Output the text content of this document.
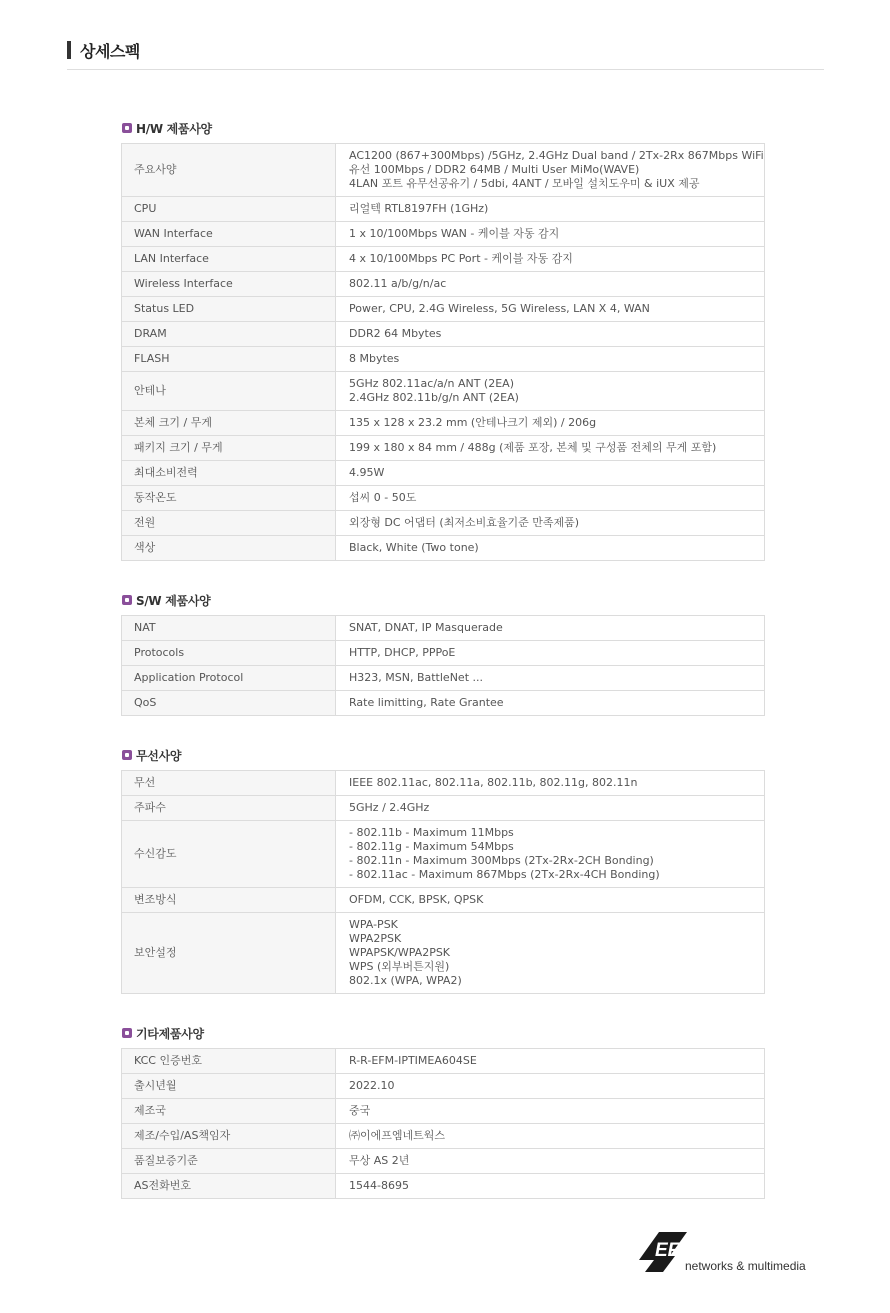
상세스펙
H/W 제품사양
주요사양	AC1200 (867+300Mbps) /5GHz, 2.4GHz Dual band / 2Tx-2Rx 867Mbps WiFi
유선 100Mbps / DDR2 64MB / Multi User MiMo(WAVE)
4LAN 포트 유무선공유기 / 5dbi, 4ANT / 모바일 설치도우미 & iUX 제공

CPU	리얼텍 RTL8197FH (1GHz)

WAN Interface	1 x 10/100Mbps WAN - 케이블 자동 감지

LAN Interface	4 x 10/100Mbps PC Port - 케이블 자동 감지

Wireless Interface	802.11 a/b/g/n/ac

Status LED	Power, CPU, 2.4G Wireless, 5G Wireless, LAN X 4, WAN

DRAM	DDR2 64 Mbytes

FLASH	8 Mbytes

안테나	5GHz 802.11ac/a/n ANT (2EA)
2.4GHz 802.11b/g/n ANT (2EA)

본체 크기 / 무게	135 x 128 x 23.2 mm (안테나크기 제외) / 206g

패키지 크기 / 무게	199 x 180 x 84 mm / 488g (제품 포장, 본체 및 구성품 전체의 무게 포함)

최대소비전력	4.95W

동작온도	섭씨 0 - 50도

전원	외장형 DC 어댑터 (최저소비효율기준 만족제품)

색상	Black, White (Two tone)
S/W 제품사양
NAT	SNAT, DNAT, IP Masquerade

Protocols	HTTP, DHCP, PPPoE

Application Protocol	H323, MSN, BattleNet ...

QoS	Rate limitting, Rate Grantee
무선사양
무선	IEEE 802.11ac, 802.11a, 802.11b, 802.11g, 802.11n

주파수	5GHz / 2.4GHz

수신감도	- 802.11b - Maximum 11Mbps
- 802.11g - Maximum 54Mbps
- 802.11n - Maximum 300Mbps (2Tx-2Rx-2CH Bonding)
- 802.11ac - Maximum 867Mbps (2Tx-2Rx-4CH Bonding)

변조방식	OFDM, CCK, BPSK, QPSK

보안설정	WPA-PSK
WPA2PSK
WPAPSK/WPA2PSK
WPS (외부버튼지원)
802.1x (WPA, WPA2)
기타제품사양
KCC 인증번호	R-R-EFM-IPTIMEA604SE

출시년월	2022.10

제조국	중국

제조/수입/AS책임자	㈜이에프엠네트웍스

품질보증기준	무상 AS 2년

AS전화번호	1544-8695
EFM
networks & multimedia
